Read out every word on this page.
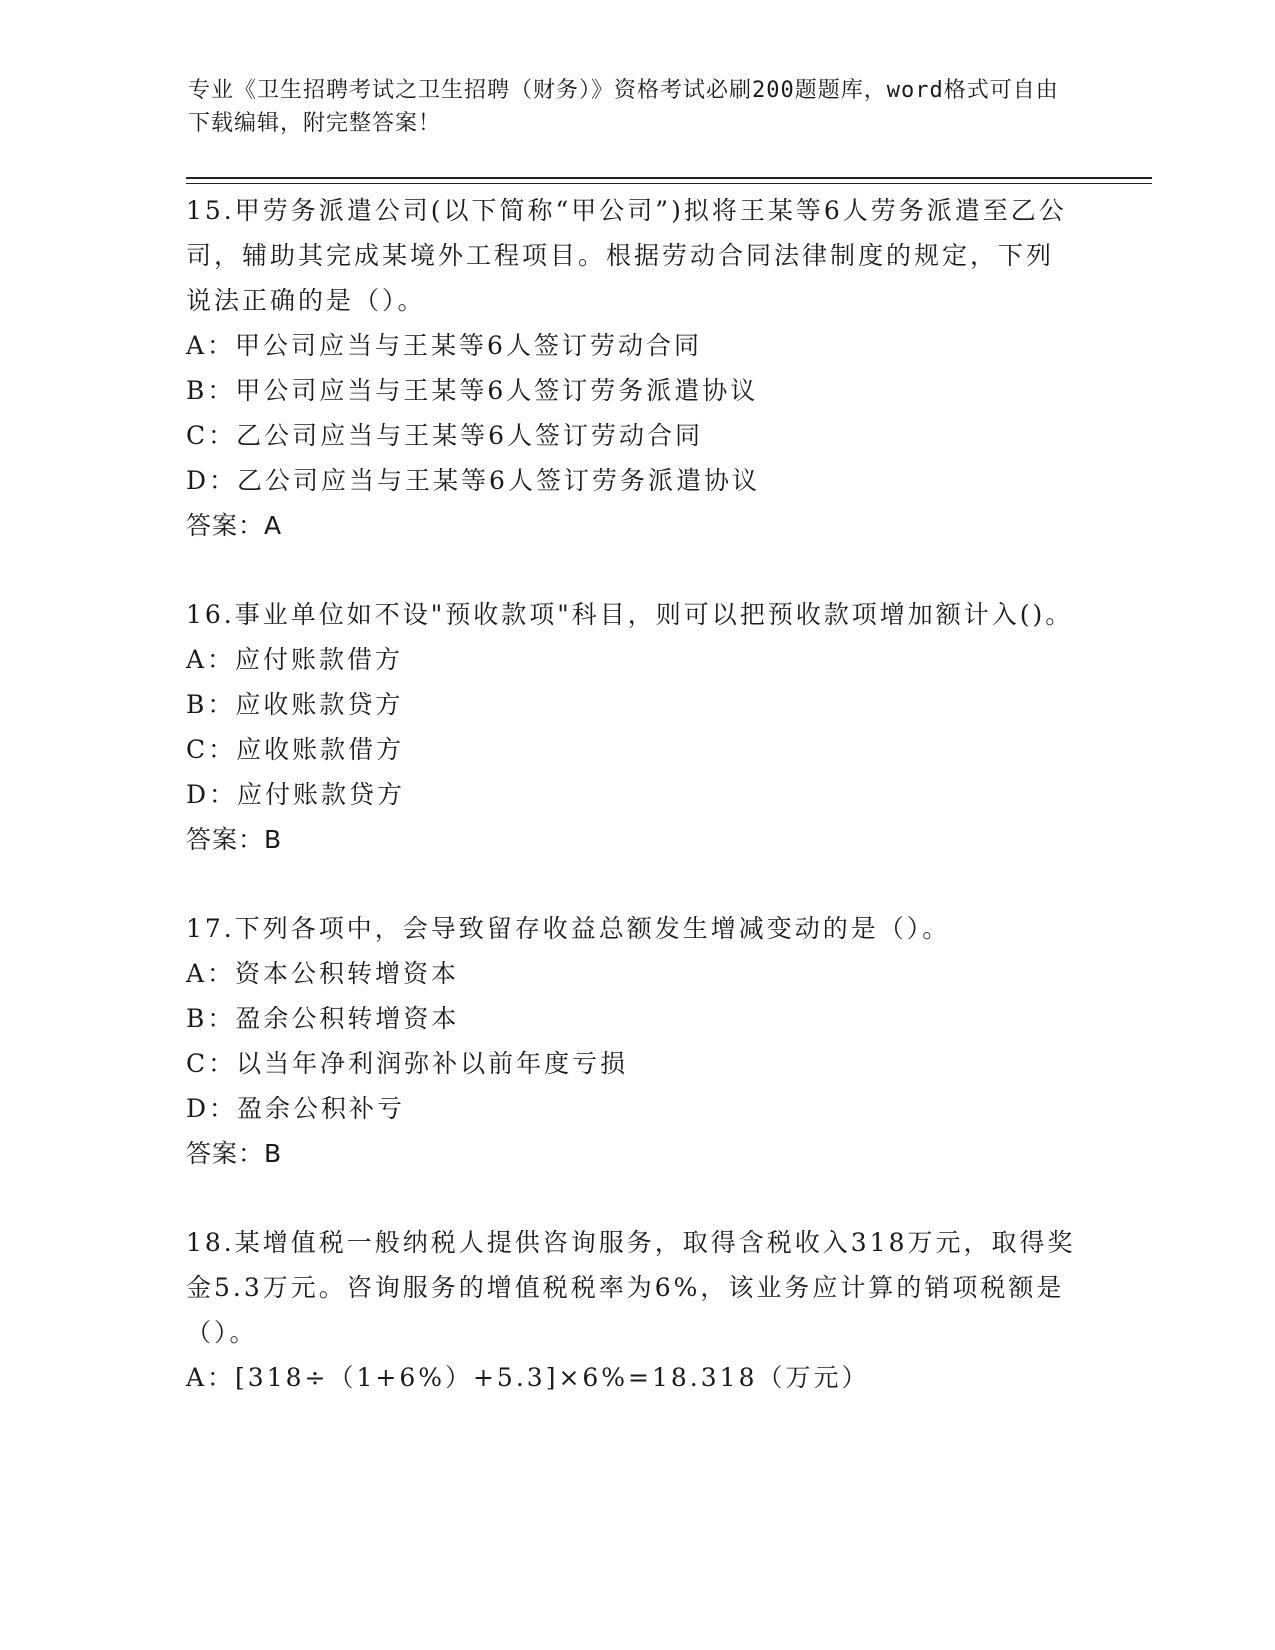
专业《卫生招聘考试之卫生招聘（财务）》资格考试必刷200题题库，word格式可自由下载编辑，附完整答案！
15.甲劳务派遣公司(以下简称“甲公司”)拟将王某等6人劳务派遣至乙公司，辅助其完成某境外工程项目。根据劳动合同法律制度的规定，下列说法正确的是（）。
A：甲公司应当与王某等6人签订劳动合同
B：甲公司应当与王某等6人签订劳务派遣协议
C：乙公司应当与王某等6人签订劳动合同
D：乙公司应当与王某等6人签订劳务派遣协议
答案：A
16.事业单位如不设"预收款项"科目，则可以把预收款项增加额计入()。
A：应付账款借方
B：应收账款贷方
C：应收账款借方
D：应付账款贷方
答案：B
17.下列各项中，会导致留存收益总额发生增减变动的是（）。
A：资本公积转增资本
B：盈余公积转增资本
C：以当年净利润弥补以前年度亏损
D：盈余公积补亏
答案：B
18.某增值税一般纳税人提供咨询服务，取得含税收入318万元，取得奖金5.3万元。咨询服务的增值税税率为6%，该业务应计算的销项税额是（）。
A：[318÷（1+6%）+5.3]×6%=18.318（万元）
